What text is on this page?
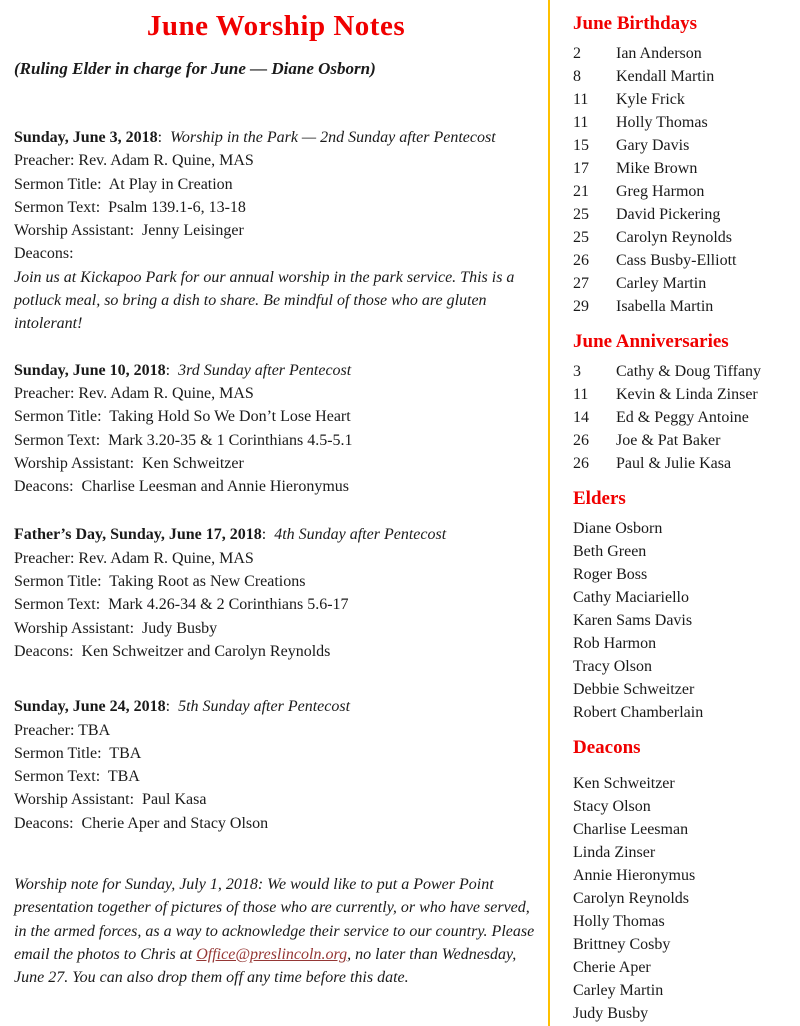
June Worship Notes

(Ruling Elder in charge for June — Diane Osborn)

Sunday, June 3, 2018:  Worship in the Park — 2nd Sunday after Pentecost
Preacher: Rev. Adam R. Quine, MAS
Sermon Title:  At Play in Creation
Sermon Text:  Psalm 139.1-6, 13-18
Worship Assistant:  Jenny Leisinger
Deacons:
Join us at Kickapoo Park for our annual worship in the park service. This is a potluck meal, so bring a dish to share. Be mindful of those who are gluten intolerant!
Sunday, June 10, 2018:  3rd Sunday after Pentecost
Preacher: Rev. Adam R. Quine, MAS
Sermon Title:  Taking Hold So We Don’t Lose Heart
Sermon Text:  Mark 3.20-35 & 1 Corinthians 4.5-5.1
Worship Assistant:  Ken Schweitzer
Deacons:  Charlise Leesman and Annie Hieronymus
Father’s Day, Sunday, June 17, 2018:  4th Sunday after Pentecost
Preacher: Rev. Adam R. Quine, MAS
Sermon Title:  Taking Root as New Creations
Sermon Text:  Mark 4.26-34 & 2 Corinthians 5.6-17
Worship Assistant:  Judy Busby
Deacons:  Ken Schweitzer and Carolyn Reynolds
Sunday, June 24, 2018:  5th Sunday after Pentecost
Preacher: TBA
Sermon Title:  TBA
Sermon Text:  TBA
Worship Assistant:  Paul Kasa
Deacons:  Cherie Aper and Stacy Olson

Worship note for Sunday, July 1, 2018: We would like to put a Power Point presentation together of pictures of those who are currently, or who have served, in the armed forces, as a way to acknowledge their service to our country. Please email the photos to Chris at Office@preslincoln.org, no later than Wednesday, June 27. You can also drop them off any time before this date.

June Birthdays
2	Ian Anderson
8	Kendall Martin
11	Kyle Frick
11	Holly Thomas
15	Gary Davis
17	Mike Brown
21	Greg Harmon
25	David Pickering
25	Carolyn Reynolds
26	Cass Busby-Elliott
27	Carley Martin
29	Isabella Martin
June Anniversaries
3	Cathy & Doug Tiffany
11	Kevin & Linda Zinser
14	Ed & Peggy Antoine
26	Joe & Pat Baker
26	Paul & Julie Kasa
Elders
Diane Osborn
Beth Green
Roger Boss
Cathy Maciariello
Karen Sams Davis
Rob Harmon
Tracy Olson
Debbie Schweitzer
Robert Chamberlain
Deacons
Ken Schweitzer
Stacy Olson
Charlise Leesman
Linda Zinser
Annie Hieronymus
Carolyn Reynolds
Holly Thomas
Brittney Cosby
Cherie Aper
Carley Martin
Judy Busby
